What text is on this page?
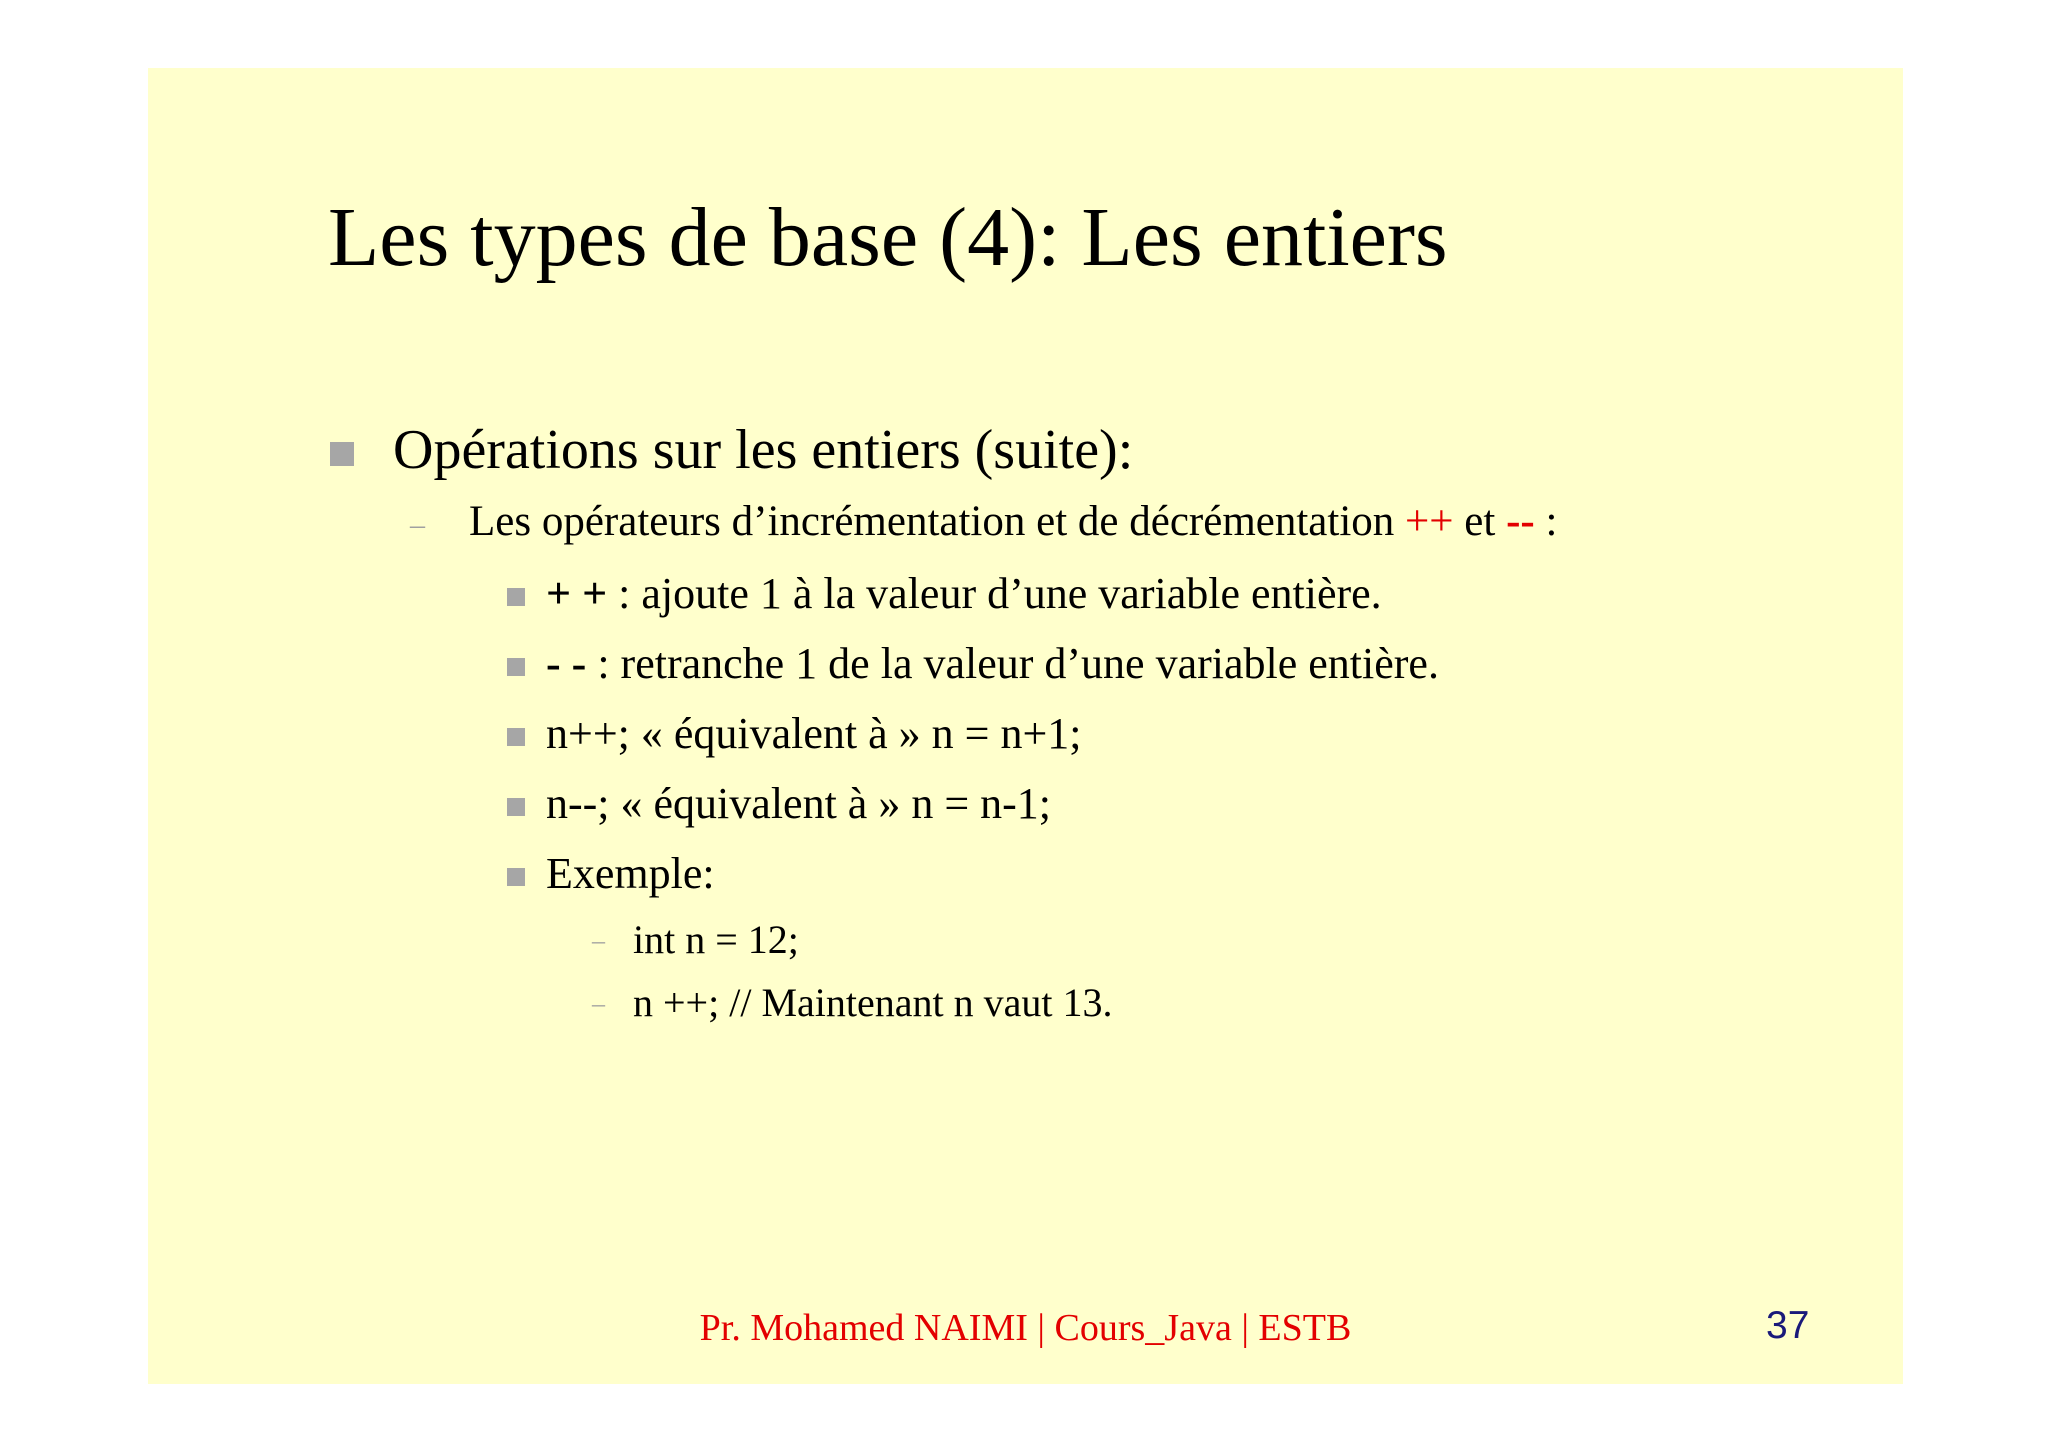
Les types de base (4): Les entiers
Opérations sur les entiers (suite):
– Les opérateurs d’incrémentation et de décrémentation ++ et -- :
+ + : ajoute 1 à la valeur d’une variable entière.
- - : retranche 1 de la valeur d’une variable entière.
n++; « équivalent à » n = n+1;
n--; « équivalent à » n = n-1;
Exemple:
– int n = 12;
– n ++; // Maintenant n vaut 13.
Pr. Mohamed NAIMI | Cours_Java | ESTB	37
